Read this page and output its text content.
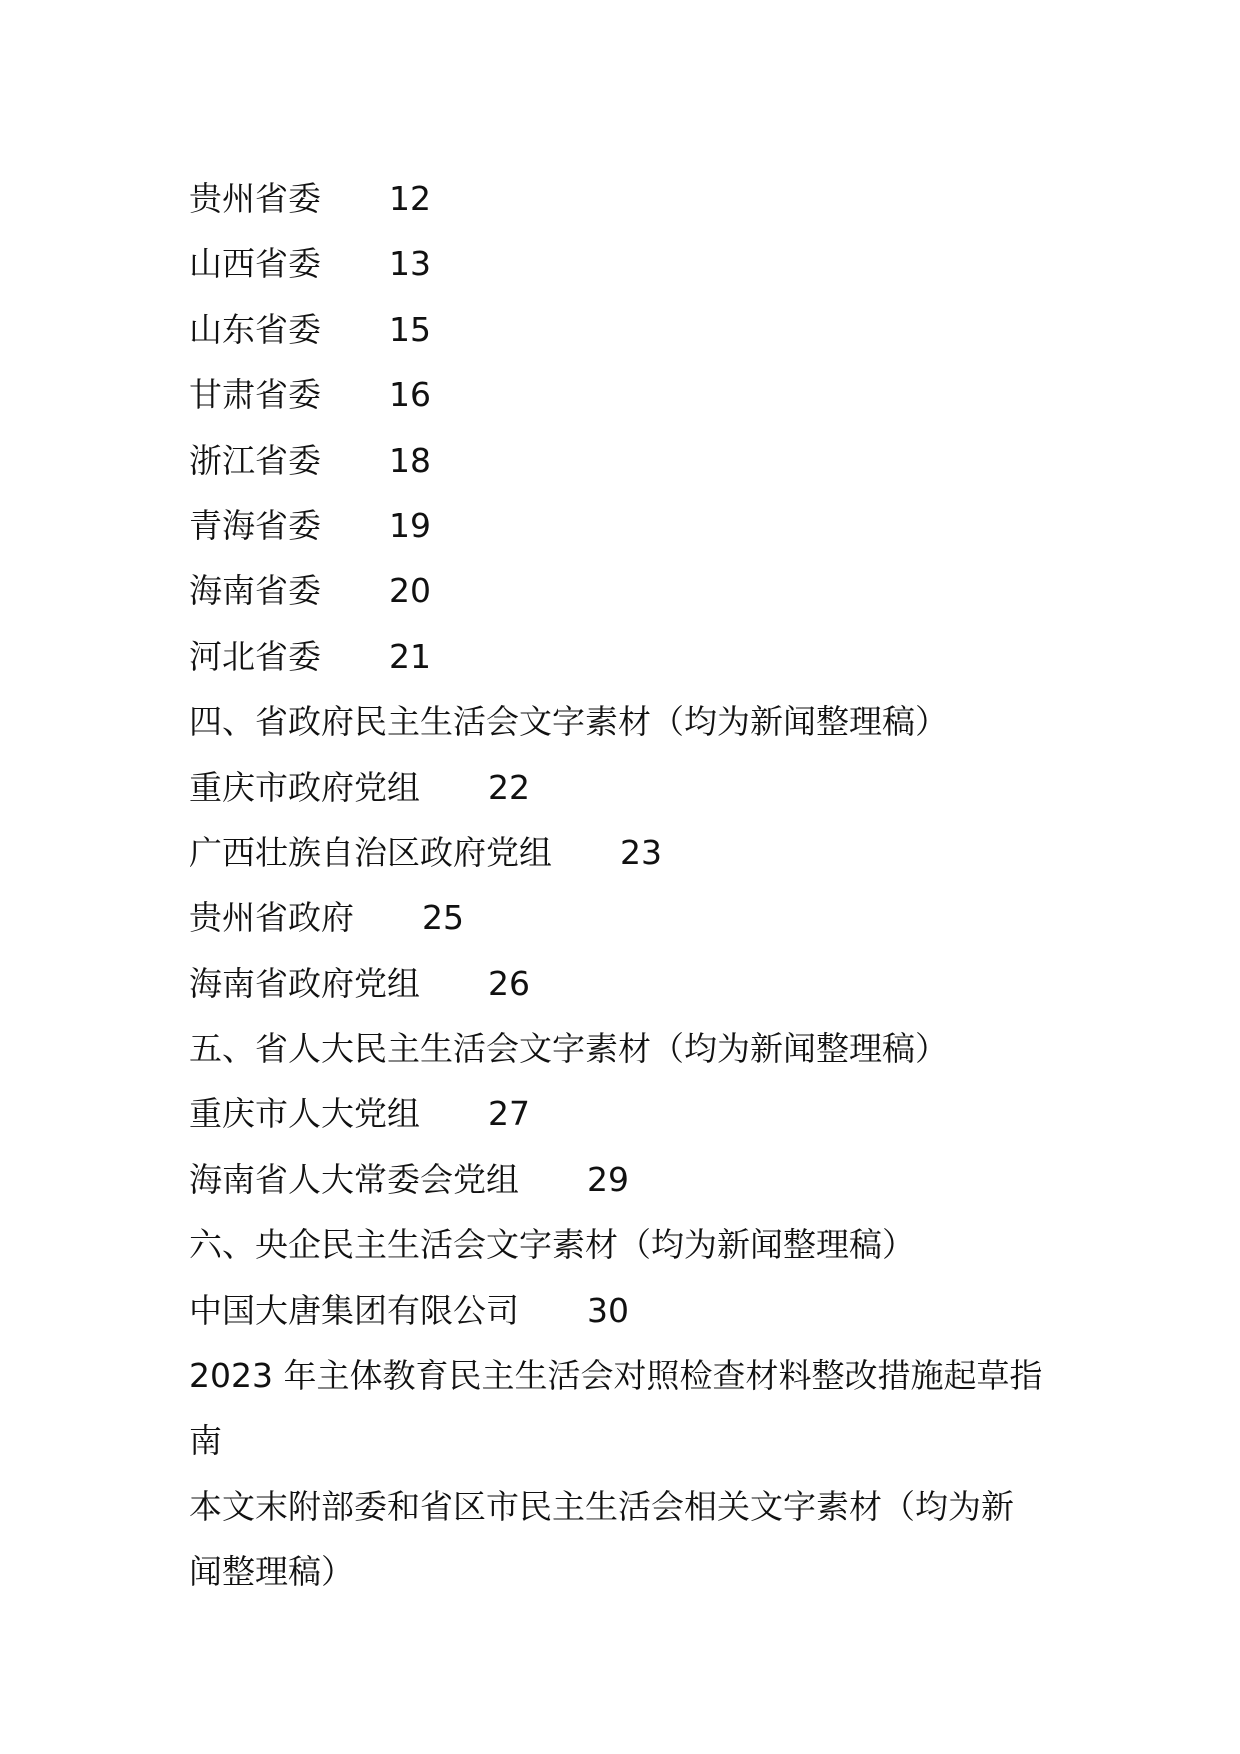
贵州省委 12
山西省委 13
山东省委 15
甘肃省委 16
浙江省委 18
青海省委 19
海南省委 20
河北省委 21
四、省政府民主生活会文字素材（均为新闻整理稿）
重庆市政府党组 22
广西壮族自治区政府党组 23
贵州省政府 25
海南省政府党组 26
五、省人大民主生活会文字素材（均为新闻整理稿）
重庆市人大党组 27
海南省人大常委会党组 29
六、央企民主生活会文字素材（均为新闻整理稿）
中国大唐集团有限公司 30
2023 年主体教育民主生活会对照检查材料整改措施起草指
南
本文末附部委和省区市民主生活会相关文字素材（均为新
闻整理稿）
